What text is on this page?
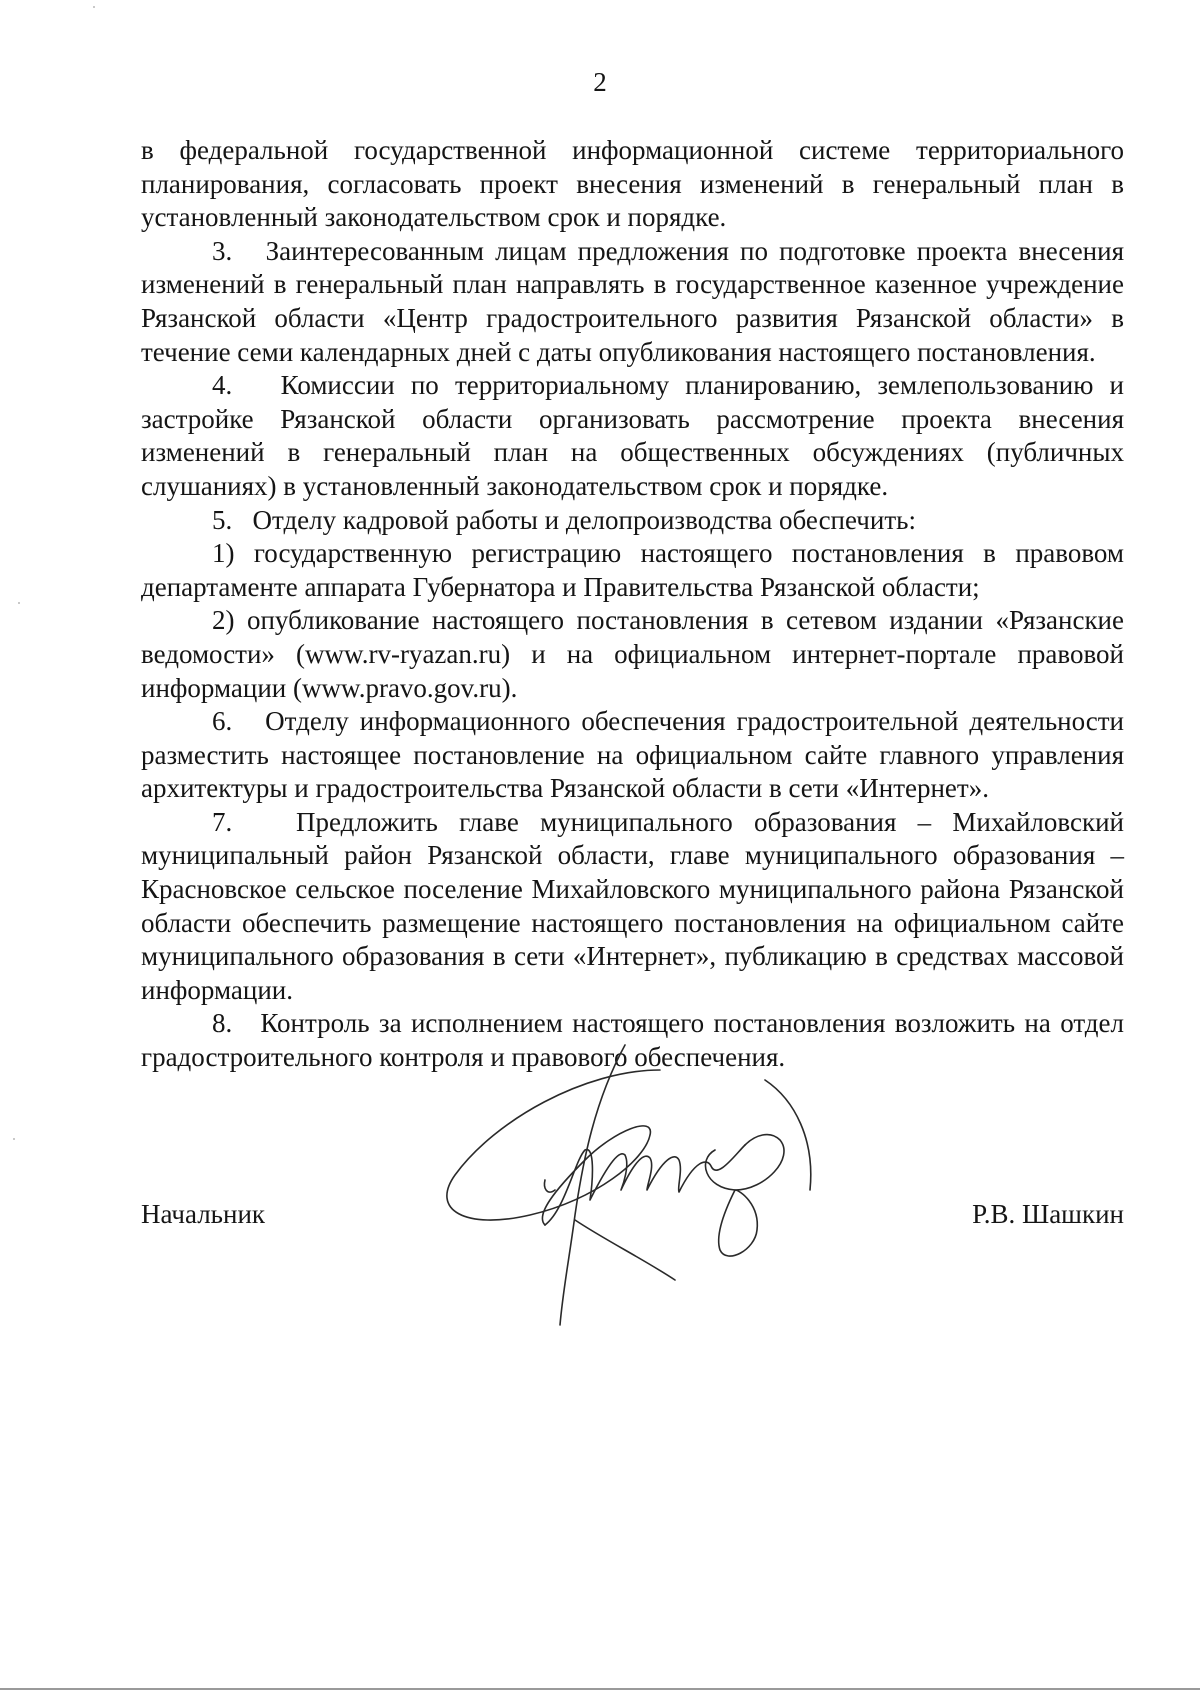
2

в федеральной государственной информационной системе территориального планирования, согласовать проект внесения изменений в генеральный план в установленный законодательством срок и порядке.

3.   Заинтересованным лицам предложения по подготовке проекта внесения изменений в генеральный план направлять в государственное казенное учреждение Рязанской области «Центр градостроительного развития Рязанской области» в течение семи календарных дней с даты опубликования настоящего постановления.

4.   Комиссии по территориальному планированию, землепользованию и застройке Рязанской области организовать рассмотрение проекта внесения изменений в генеральный план на общественных обсуждениях (публичных слушаниях) в установленный законодательством срок и порядке.

5.   Отделу кадровой работы и делопроизводства обеспечить:

1) государственную регистрацию настоящего постановления в правовом департаменте аппарата Губернатора и Правительства Рязанской области;

2) опубликование настоящего постановления в сетевом издании «Рязанские ведомости» (www.rv-ryazan.ru) и на официальном интернет-портале правовой информации (www.pravo.gov.ru).

6.   Отделу информационного обеспечения градостроительной деятельности разместить настоящее постановление на официальном сайте главного управления архитектуры и градостроительства Рязанской области в сети «Интернет».

7.   Предложить главе муниципального образования – Михайловский муниципальный район Рязанской области, главе муниципального образования – Красновское сельское поселение Михайловского муниципального района Рязанской области обеспечить размещение настоящего постановления на официальном сайте муниципального образования в сети «Интернет», публикацию в средствах массовой информации.

8.   Контроль за исполнением настоящего постановления возложить на отдел градостроительного контроля и правового обеспечения.

Начальник	Р.В. Шашкин
